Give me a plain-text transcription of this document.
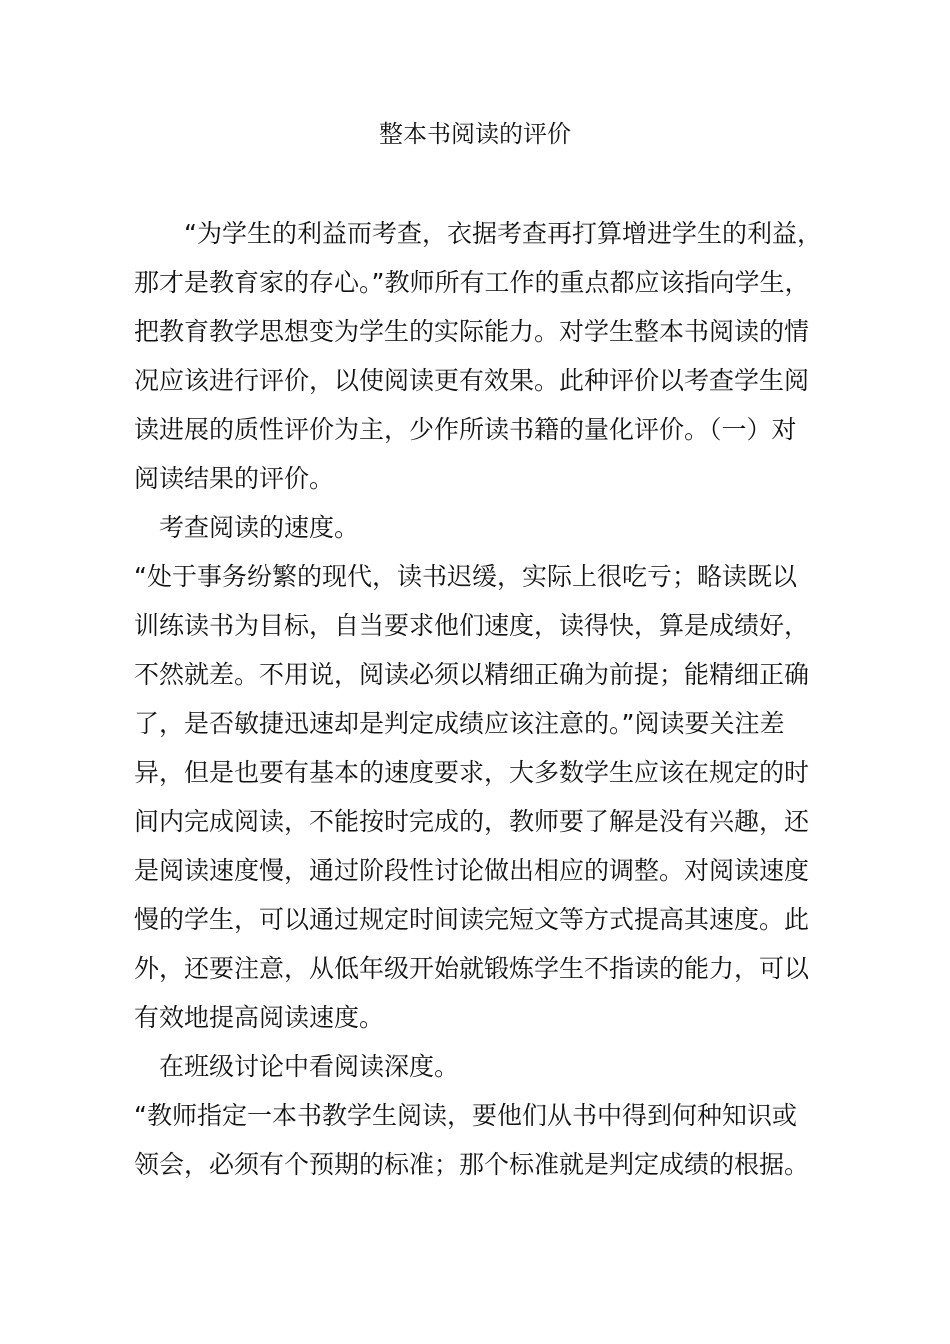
整本书阅读的评价
“为学生的利益而考查，衣据考查再打算增进学生的利益，
那才是教育家的存心。”教师所有工作的重点都应该指向学生，
把教育教学思想变为学生的实际能力。对学生整本书阅读的情
况应该进行评价，以使阅读更有效果。此种评价以考查学生阅
读进展的质性评价为主，少作所读书籍的量化评价。（一）对
阅读结果的评价。
考查阅读的速度。
“处于事务纷繁的现代，读书迟缓，实际上很吃亏；略读既以
训练读书为目标，自当要求他们速度，读得快，算是成绩好，
不然就差。不用说，阅读必须以精细正确为前提；能精细正确
了，是否敏捷迅速却是判定成绩应该注意的。”阅读要关注差
异，但是也要有基本的速度要求，大多数学生应该在规定的时
间内完成阅读，不能按时完成的，教师要了解是没有兴趣，还
是阅读速度慢，通过阶段性讨论做出相应的调整。对阅读速度
慢的学生，可以通过规定时间读完短文等方式提高其速度。此
外，还要注意，从低年级开始就锻炼学生不指读的能力，可以
有效地提高阅读速度。
在班级讨论中看阅读深度。
“教师指定一本书教学生阅读，要他们从书中得到何种知识或
领会，必须有个预期的标准；那个标准就是判定成绩的根据。
